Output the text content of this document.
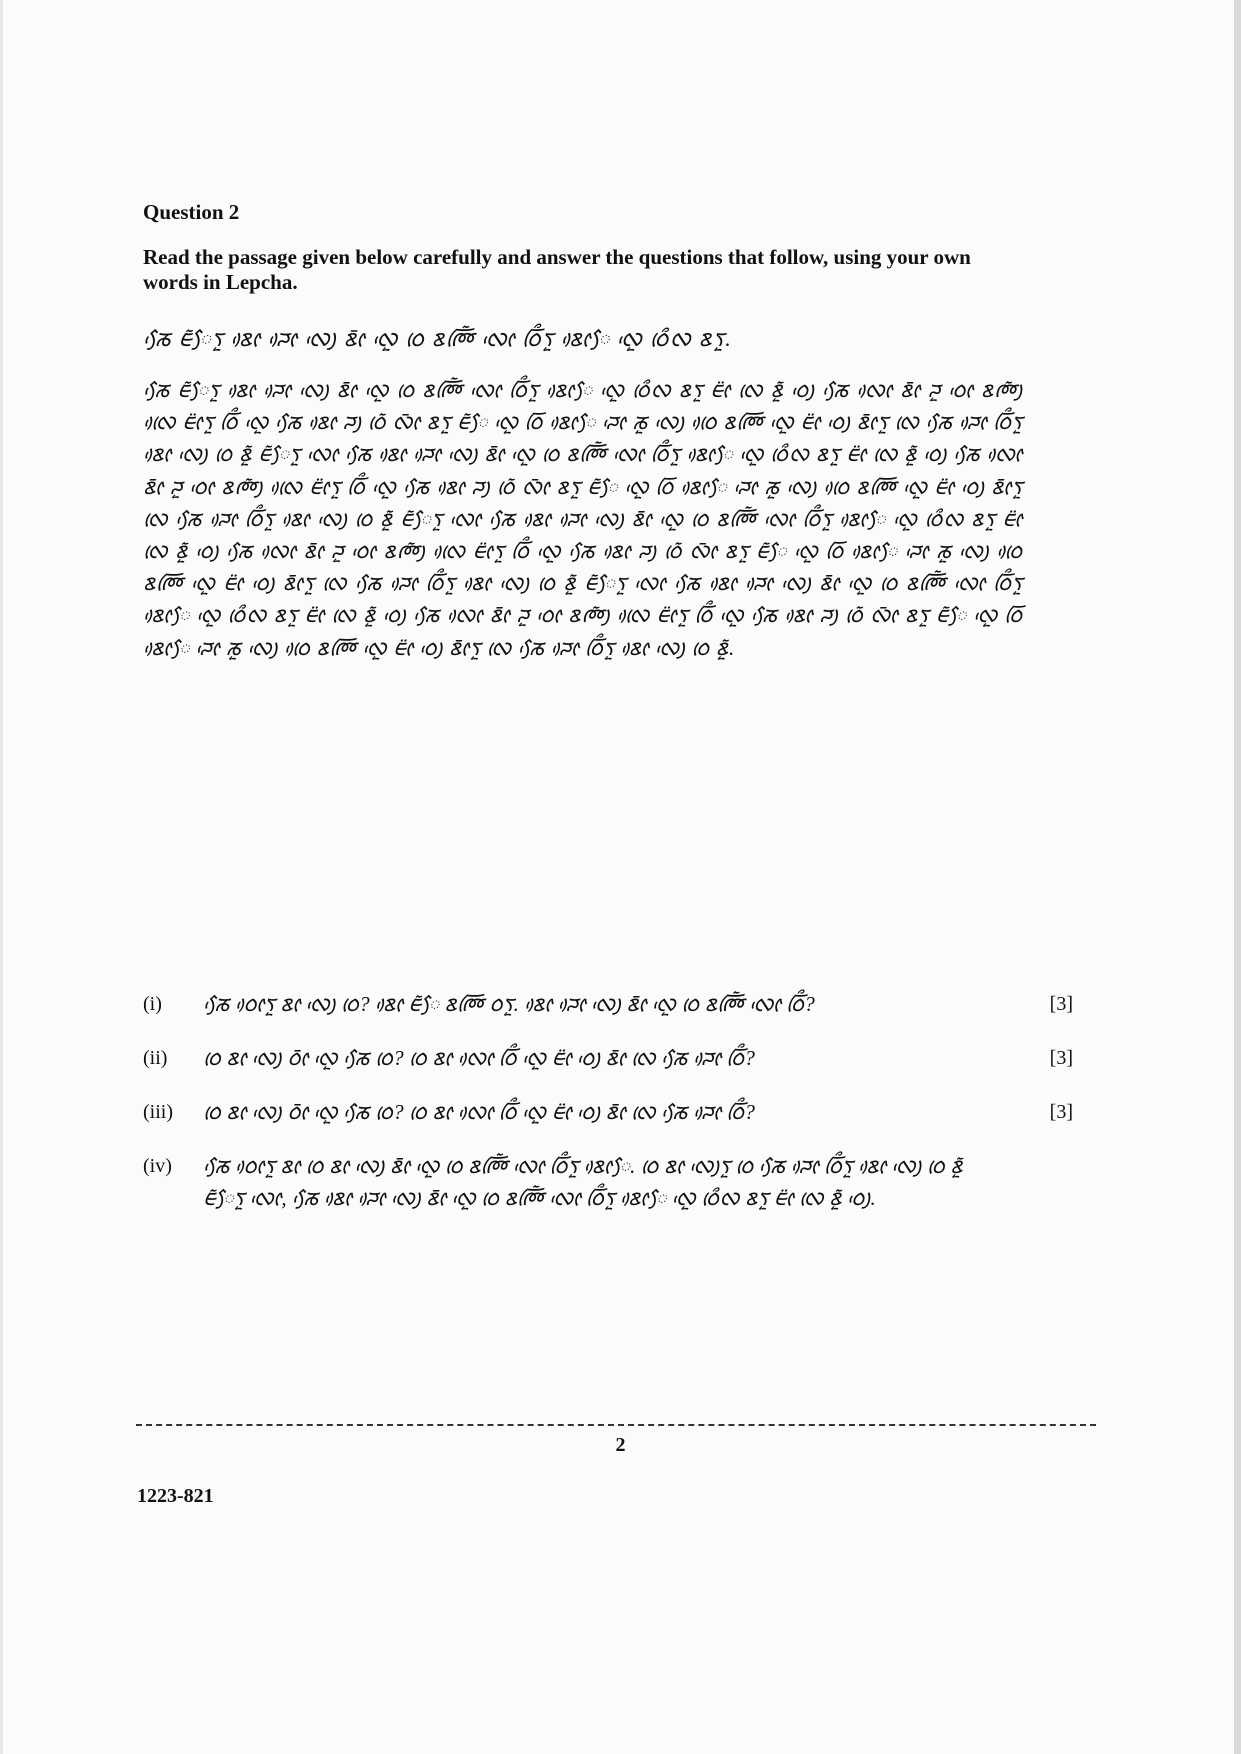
Question 2
Read the passage given below carefully and answer the questions that follow, using your own words in Lepcha.
ᰕᰧᰵ ᰀᰶᰧᰛᰬ ᰣᰦᰴ ᰎᰦᰴ ᰜᰪᰵ ᰣᰦᰳ ᰜᰬᰵ ᰓᰨ ᰣᰢᰩᰶ ᰜᰦᰵ ᰓᰩᰰᰛᰬ ᰣᰦᰴᰧ ᰜᰬᰵ ᰓᰨᰰᰜ ᰣᰛᰬ.
ᰕᰧᰵ ᰀᰶᰧᰛᰬ ᰣᰦᰴ ᰎᰦᰴ ᰜᰪᰵ ᰣᰦᰳ ᰜᰬᰵ ᰓᰨ ᰣᰢᰩᰶ ᰜᰦᰵ ᰓᰩᰰᰛᰬ ᰣᰦᰴᰧ ᰜᰬᰵ ᰓᰨᰰᰜ ᰣᰛᰬ ᰀᰦᰮ ᰜᰨ ᰣᰬᰶ ᰓᰪᰵ ᰕᰧᰵ ᰜᰦᰴ ᰣᰦᰳ ᰎᰬ ᰓᰦᰵ ᰣᰢᰪᰶ ᰜᰨᰴ ᰀᰦᰮᰛᰬ ᰓᰩᰰ ᰜᰬᰵ ᰕᰧᰵ ᰣᰦᰴ ᰎᰪ ᰓᰨᰶ ᰜᰦᰳ ᰣᰛᰬ ᰀᰶᰧ ᰜᰬᰵ ᰓᰩ ᰣᰦᰴᰧ ᰎᰦᰵ ᰕᰬ ᰜᰪᰵ ᰓᰨᰴ ᰣᰢᰩ ᰜᰬᰵ ᰀᰦᰮ ᰓᰪᰵ ᰣᰦᰳᰛᰬ ᰜᰨ ᰕᰧᰵ ᰎᰦᰴ ᰓᰩᰰᰛᰬ ᰣᰦᰴ ᰜᰪᰵ ᰓᰨ ᰣᰬᰶ ᰀᰶᰧᰛᰬ ᰜᰦᰵ ᰕᰧᰵ ᰣᰦᰴ ᰎᰦᰴ ᰜᰪᰵ ᰣᰦᰳ ᰜᰬᰵ ᰓᰨ ᰣᰢᰩᰶ ᰜᰦᰵ ᰓᰩᰰᰛᰬ ᰣᰦᰴᰧ ᰜᰬᰵ ᰓᰨᰰᰜ ᰣᰛᰬ ᰀᰦᰮ ᰜᰨ ᰣᰬᰶ ᰓᰪᰵ ᰕᰧᰵ ᰜᰦᰴ ᰣᰦᰳ ᰎᰬ ᰓᰦᰵ ᰣᰢᰪᰶ ᰜᰨᰴ ᰀᰦᰮᰛᰬ ᰓᰩᰰ ᰜᰬᰵ ᰕᰧᰵ ᰣᰦᰴ ᰎᰪ ᰓᰨᰶ ᰜᰦᰳ ᰣᰛᰬ ᰀᰶᰧ ᰜᰬᰵ ᰓᰩ ᰣᰦᰴᰧ ᰎᰦᰵ ᰕᰬ ᰜᰪᰵ ᰓᰨᰴ ᰣᰢᰩ ᰜᰬᰵ ᰀᰦᰮ ᰓᰪᰵ ᰣᰦᰳᰛᰬ ᰜᰨ ᰕᰧᰵ ᰎᰦᰴ ᰓᰩᰰᰛᰬ ᰣᰦᰴ ᰜᰪᰵ ᰓᰨ ᰣᰬᰶ ᰀᰶᰧᰛᰬ ᰜᰦᰵ ᰕᰧᰵ ᰣᰦᰴ ᰎᰦᰴ ᰜᰪᰵ ᰣᰦᰳ ᰜᰬᰵ ᰓᰨ ᰣᰢᰩᰶ ᰜᰦᰵ ᰓᰩᰰᰛᰬ ᰣᰦᰴᰧ ᰜᰬᰵ ᰓᰨᰰᰜ ᰣᰛᰬ ᰀᰦᰮ ᰜᰨ ᰣᰬᰶ ᰓᰪᰵ ᰕᰧᰵ ᰜᰦᰴ ᰣᰦᰳ ᰎᰬ ᰓᰦᰵ ᰣᰢᰪᰶ ᰜᰨᰴ ᰀᰦᰮᰛᰬ ᰓᰩᰰ ᰜᰬᰵ ᰕᰧᰵ ᰣᰦᰴ ᰎᰪ ᰓᰨᰶ ᰜᰦᰳ ᰣᰛᰬ ᰀᰶᰧ ᰜᰬᰵ ᰓᰩ ᰣᰦᰴᰧ ᰎᰦᰵ ᰕᰬ ᰜᰪᰵ ᰓᰨᰴ ᰣᰢᰩ ᰜᰬᰵ ᰀᰦᰮ ᰓᰪᰵ ᰣᰦᰳᰛᰬ ᰜᰨ ᰕᰧᰵ ᰎᰦᰴ ᰓᰩᰰᰛᰬ ᰣᰦᰴ ᰜᰪᰵ ᰓᰨ ᰣᰬᰶ ᰀᰶᰧᰛᰬ ᰜᰦᰵ ᰕᰧᰵ ᰣᰦᰴ ᰎᰦᰴ ᰜᰪᰵ ᰣᰦᰳ ᰜᰬᰵ ᰓᰨ ᰣᰢᰩᰶ ᰜᰦᰵ ᰓᰩᰰᰛᰬ ᰣᰦᰴᰧ ᰜᰬᰵ ᰓᰨᰰᰜ ᰣᰛᰬ ᰀᰦᰮ ᰜᰨ ᰣᰬᰶ ᰓᰪᰵ ᰕᰧᰵ ᰜᰦᰴ ᰣᰦᰳ ᰎᰬ ᰓᰦᰵ ᰣᰢᰪᰶ ᰜᰨᰴ ᰀᰦᰮᰛᰬ ᰓᰩᰰ ᰜᰬᰵ ᰕᰧᰵ ᰣᰦᰴ ᰎᰪ ᰓᰨᰶ ᰜᰦᰳ ᰣᰛᰬ ᰀᰶᰧ ᰜᰬᰵ ᰓᰩ ᰣᰦᰴᰧ ᰎᰦᰵ ᰕᰬ ᰜᰪᰵ ᰓᰨᰴ ᰣᰢᰩ ᰜᰬᰵ ᰀᰦᰮ ᰓᰪᰵ ᰣᰦᰳᰛᰬ ᰜᰨ ᰕᰧᰵ ᰎᰦᰴ ᰓᰩᰰᰛᰬ ᰣᰦᰴ ᰜᰪᰵ ᰓᰨ ᰣᰬᰶ.
(i) ᰕᰧᰵ ᰓᰦᰴᰛᰬ ᰣᰦ ᰜᰪᰵ ᰓᰨ? ᰣᰦᰴ ᰀᰶᰧ ᰣᰢᰩ ᰓᰛᰬ. ᰣᰦᰴ ᰎᰦᰴ ᰜᰪᰵ ᰣᰦᰳ ᰜᰬᰵ ᰓᰨ ᰣᰢᰩᰶ ᰜᰦᰵ ᰓᰩᰰ?	[3]
(ii) ᰓᰨ ᰣᰦ ᰜᰪᰵ ᰓᰦᰳ ᰜᰬᰵ ᰕᰧᰵ ᰓᰨ? ᰓᰨ ᰣᰦ ᰜᰦᰴ ᰓᰩᰰ ᰜᰬᰵ ᰀᰦᰮ ᰓᰪᰵ ᰣᰦᰳ ᰜᰨ ᰕᰧᰵ ᰎᰦᰴ ᰓᰩᰰ?	[3]
(iii) ᰓᰨ ᰣᰦ ᰜᰪᰵ ᰓᰦᰳ ᰜᰬᰵ ᰕᰧᰵ ᰓᰨ? ᰓᰨ ᰣᰦ ᰜᰦᰴ ᰓᰩᰰ ᰜᰬᰵ ᰀᰦᰮ ᰓᰪᰵ ᰣᰦᰳ ᰜᰨ ᰕᰧᰵ ᰎᰦᰴ ᰓᰩᰰ?	[3]
(iv) ᰕᰧᰵ ᰓᰦᰴᰛᰬ ᰣᰦ ᰓᰨ ᰣᰦ ᰜᰪᰵ ᰣᰦᰳ ᰜᰬᰵ ᰓᰨ ᰣᰢᰩᰶ ᰜᰦᰵ ᰓᰩᰰᰛᰬ ᰣᰦᰴᰧ. ᰓᰨ ᰣᰦ ᰜᰪᰵᰛᰬ ᰓᰨ ᰕᰧᰵ ᰎᰦᰴ ᰓᰩᰰᰛᰬ ᰣᰦᰴ ᰜᰪᰵ ᰓᰨ ᰣᰬᰶ ᰀᰶᰧᰛᰬ ᰜᰦᰵ, ᰕᰧᰵ ᰣᰦᰴ ᰎᰦᰴ ᰜᰪᰵ ᰣᰦᰳ ᰜᰬᰵ ᰓᰨ ᰣᰢᰩᰶ ᰜᰦᰵ ᰓᰩᰰᰛᰬ ᰣᰦᰴᰧ ᰜᰬᰵ ᰓᰨᰰᰜ ᰣᰛᰬ ᰀᰦᰮ ᰜᰨ ᰣᰬᰶ ᰓᰪᰵ.
2
1223-821
